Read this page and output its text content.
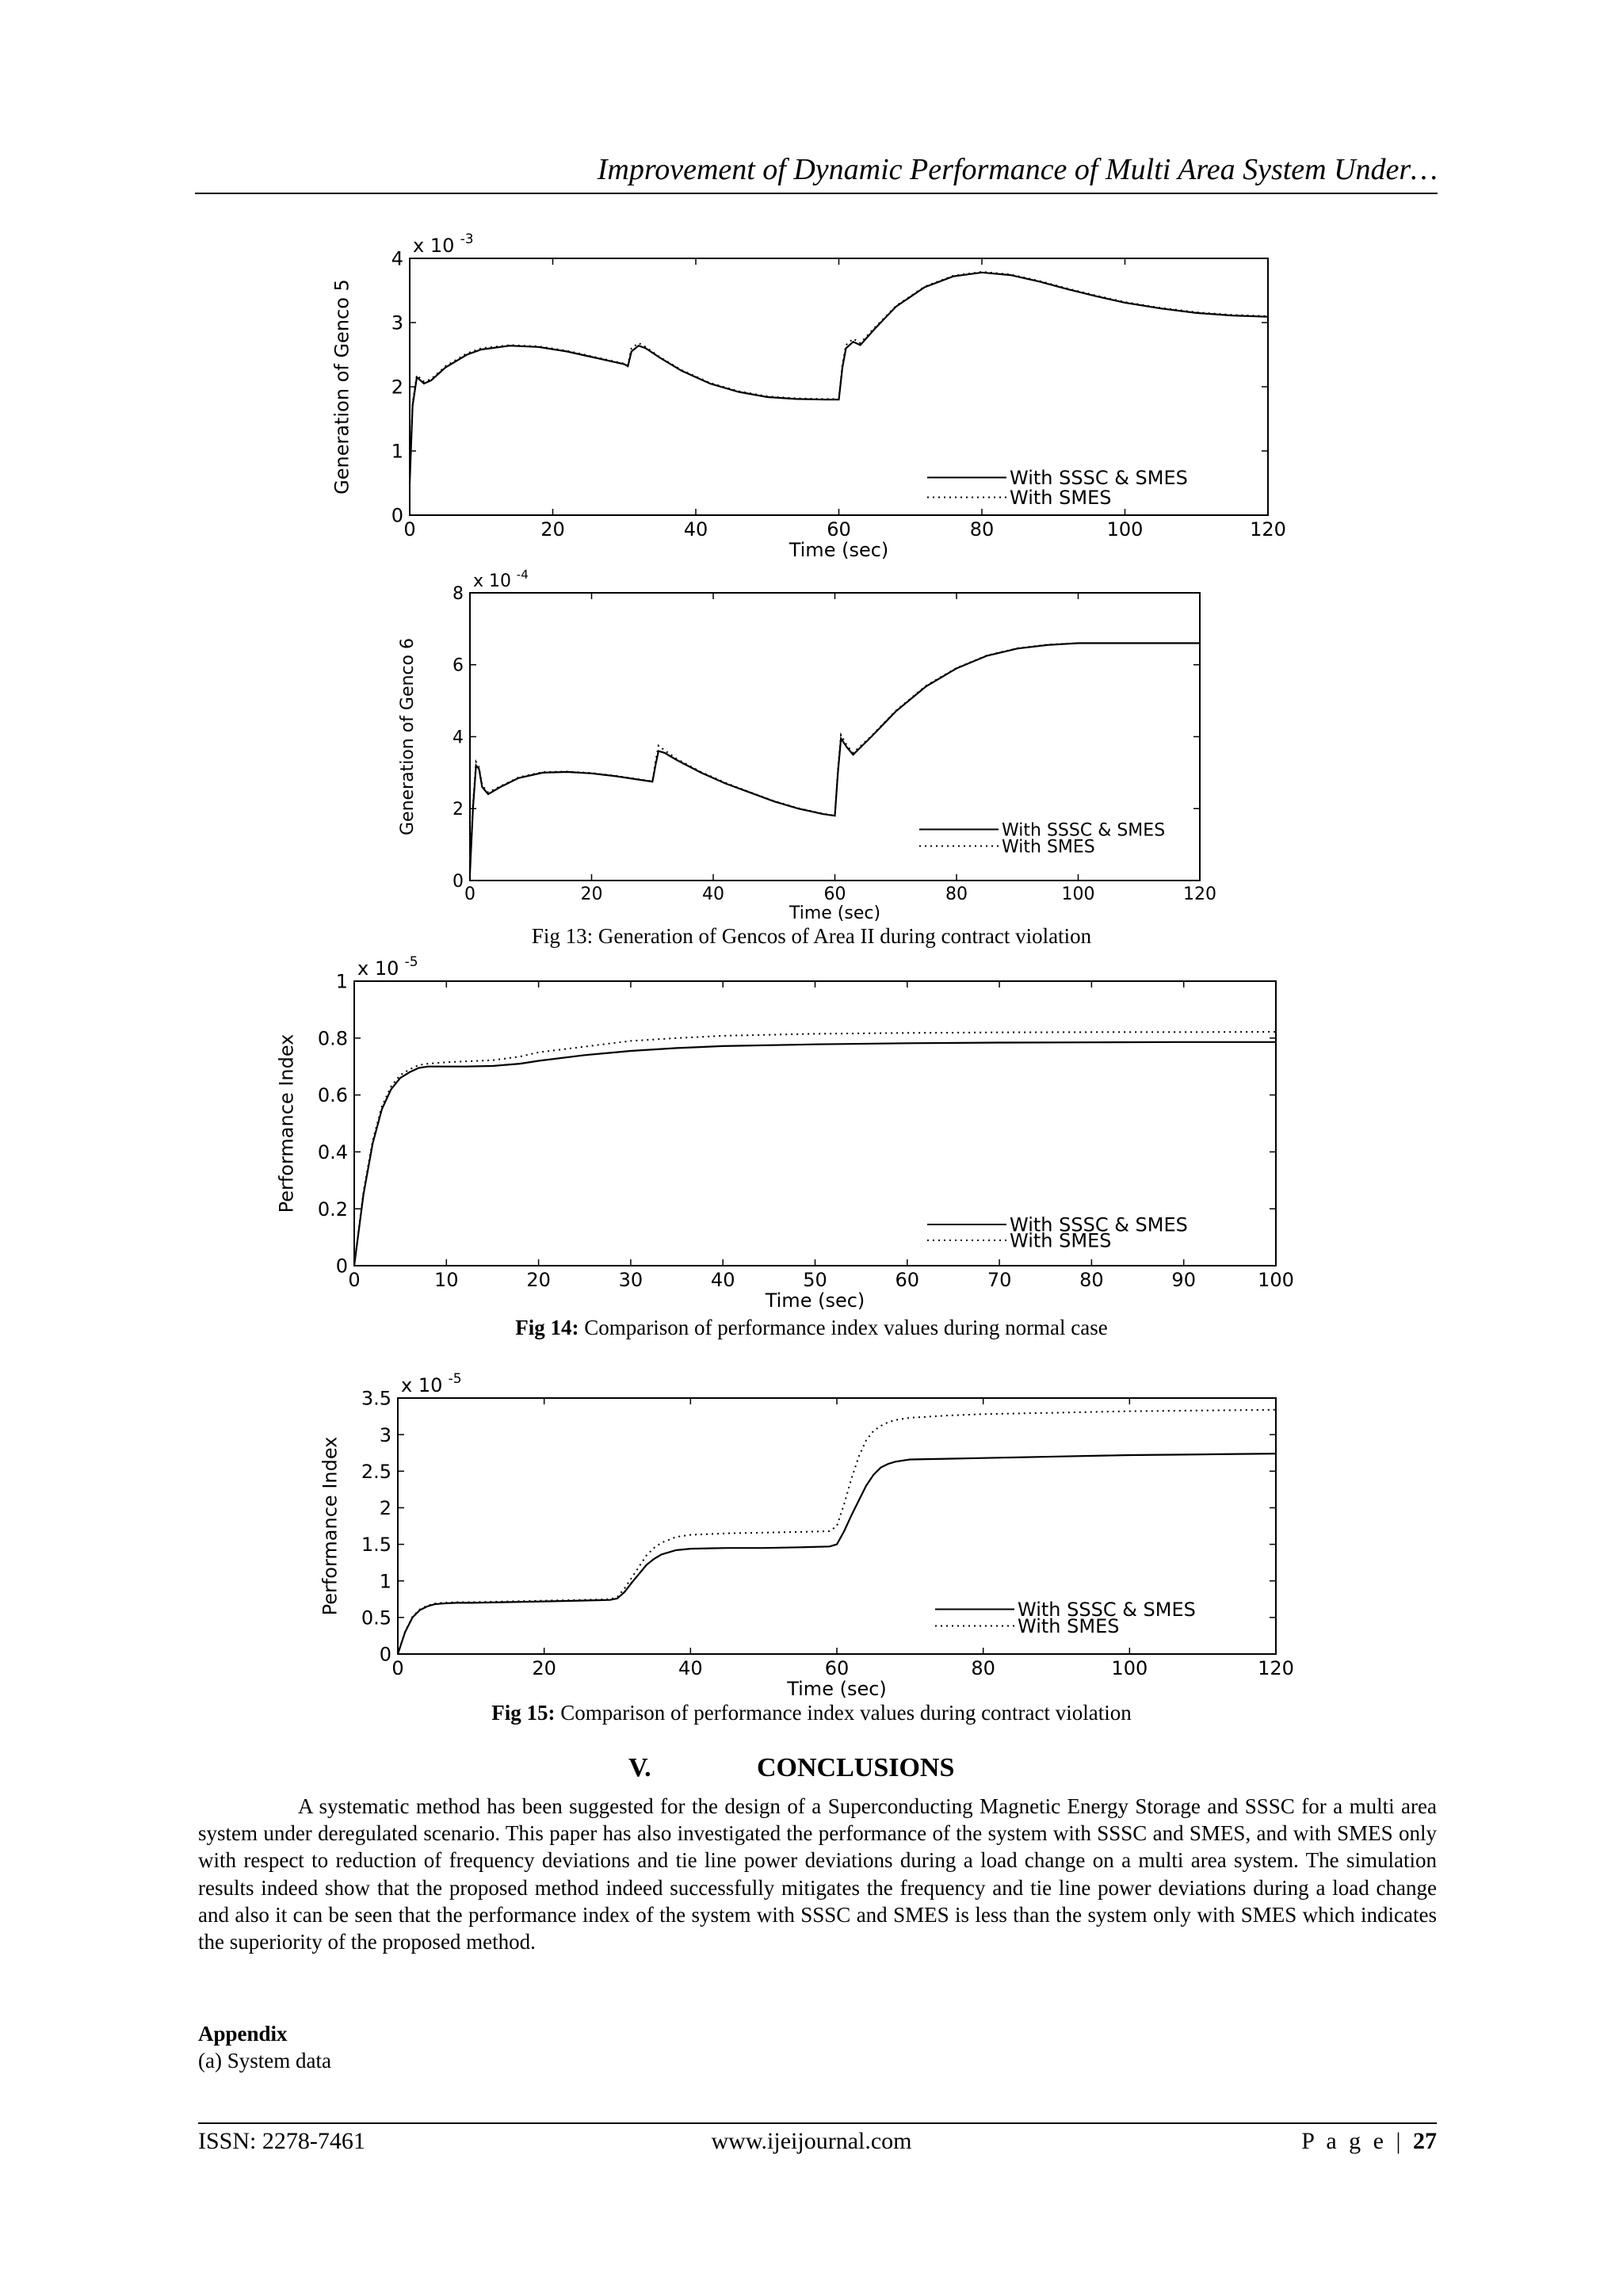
Improvement of Dynamic Performance of Multi Area System Under…
0	20	40	60	80	100	120
0
1
2
3
4
x 10 -3
Time (sec)
Generation of Genco 5	With SSSC & SMES
With SMES
0	20	40	60	80	100	120
0
2
4
6
8
x 10 -4
Time (sec)
Generation of Genco 6	With SSSC & SMES
With SMES
Fig 13: Generation of Gencos of Area II during contract violation
0	10	20	30	40	50	60	70	80	90	100
0
0.2
0.4
0.6
0.8
1
x 10 -5
Time (sec)
Performance Index
With SSSC & SMES
With SMES
Fig 14: Comparison of performance index values during normal case
0	20	40	60	80	100	120
0
0.5
1
1.5
2
2.5
3
3.5
x 10 -5
Time (sec)
Performance Index	With SSSC & SMES
With SMES
Fig 15: Comparison of performance index values during contract violation
V.	CONCLUSIONS

A systematic method has been suggested for the design of a Superconducting Magnetic Energy Storage and SSSC for a multi area system under deregulated scenario. This paper has also investigated the performance of the system with SSSC and SMES, and with SMES only with respect to reduction of frequency deviations and tie line power deviations during a load change on a multi area system. The simulation results indeed show that the proposed method indeed successfully mitigates the frequency and tie line power deviations during a load change and also it can be seen that the performance index of the system with SSSC and SMES is less than the system only with SMES which indicates the superiority of the proposed method.

Appendix
(a) System data
ISSN: 2278-7461	www.ijeijournal.com	P a g e | 27
